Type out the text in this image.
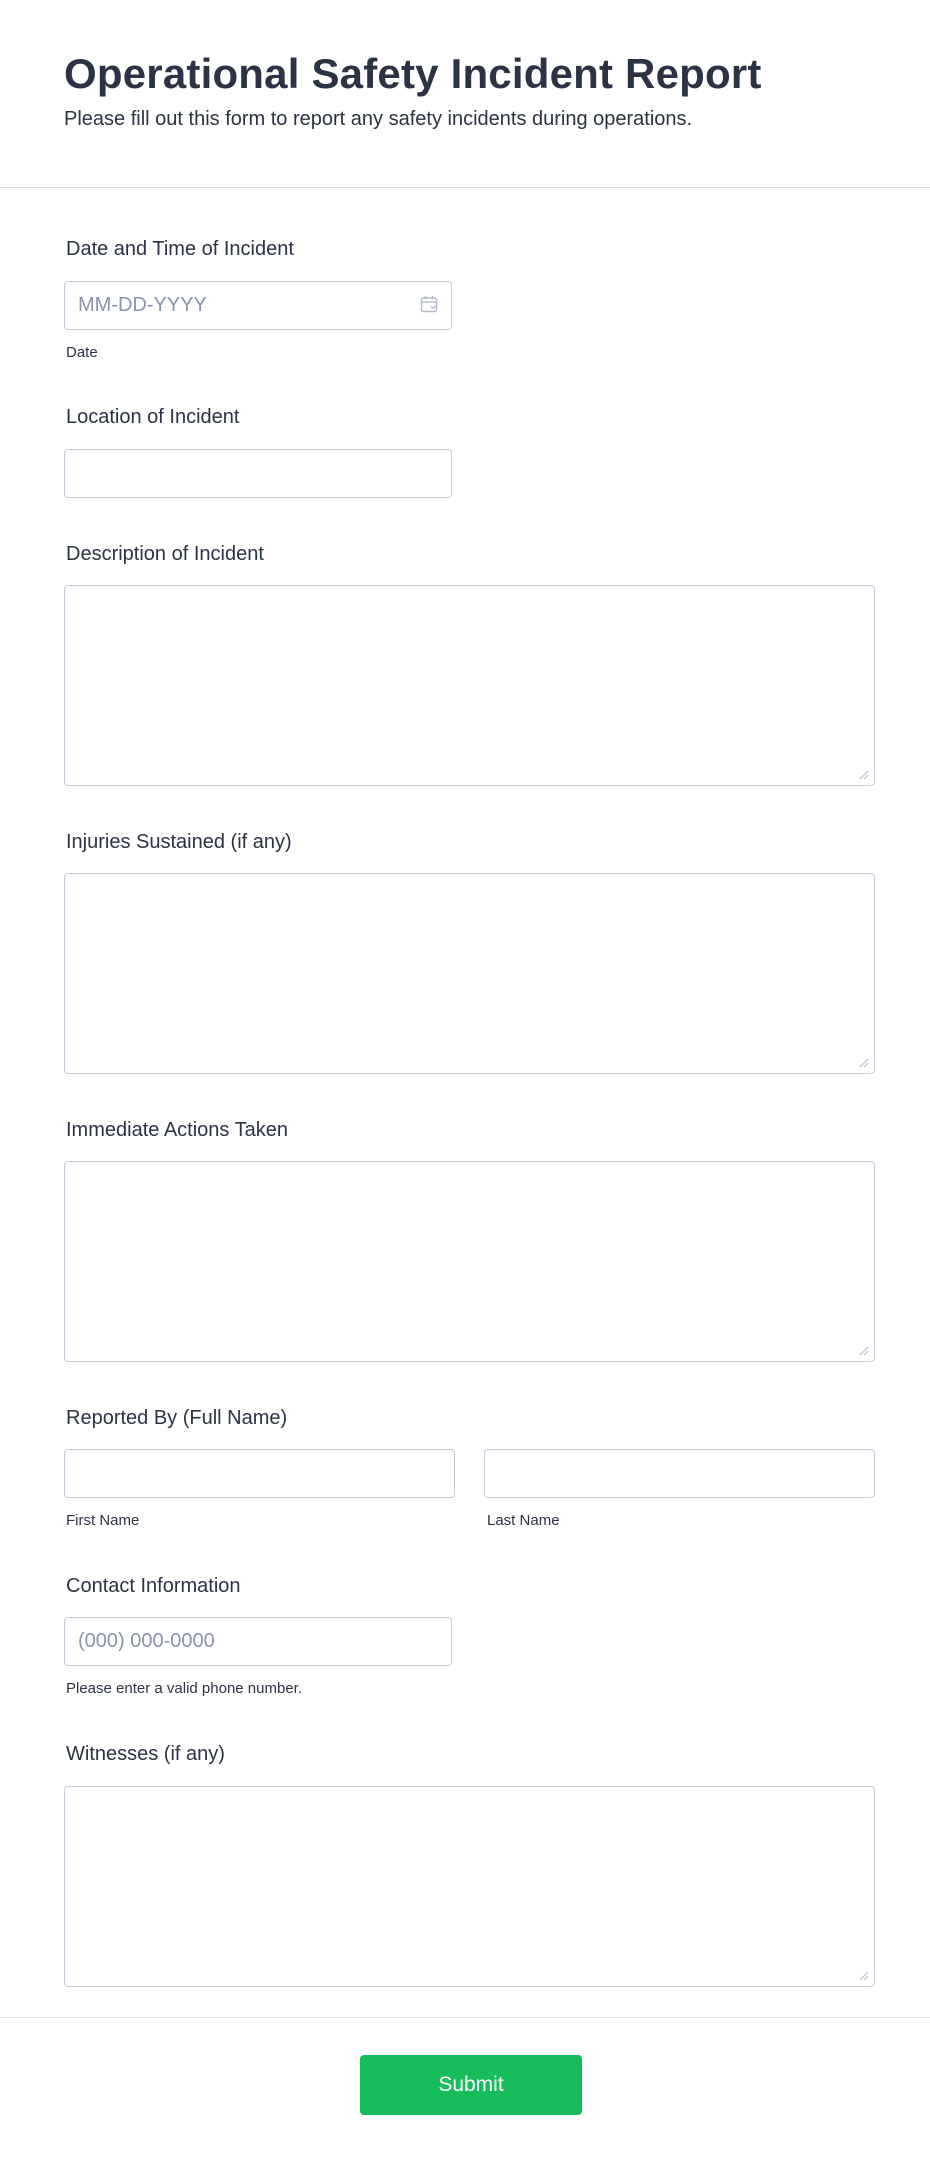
Operational Safety Incident Report
Please fill out this form to report any safety incidents during operations.
Date and Time of Incident
MM-DD-YYYY
Date
Location of Incident
Description of Incident
Injuries Sustained (if any)
Immediate Actions Taken
Reported By (Full Name)
First Name	Last Name
Contact Information
(000) 000-0000
Please enter a valid phone number.
Witnesses (if any)
Submit
